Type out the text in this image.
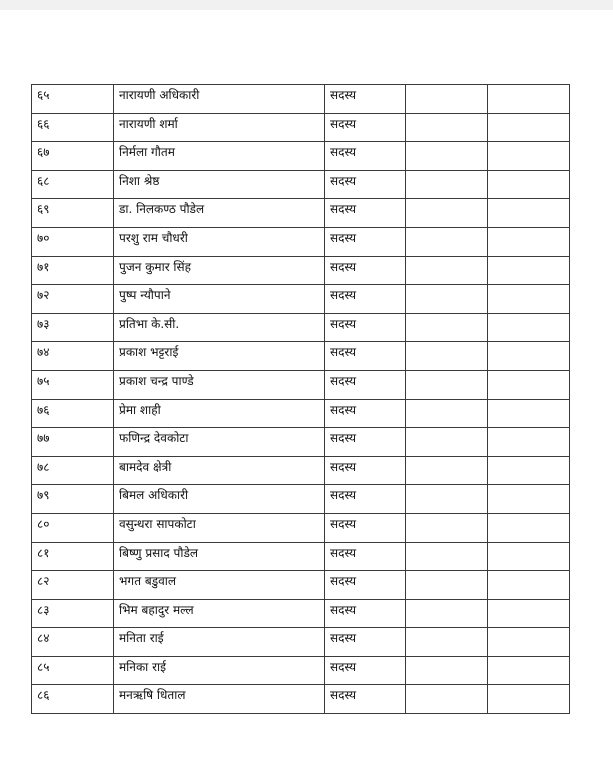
६५	नारायणी अधिकारी	सदस्य		
६६	नारायणी शर्मा	सदस्य		
६७	निर्मला गौतम	सदस्य		
६८	निशा श्रेष्ठ	सदस्य		
६९	डा. निलकण्ठ पौडेल	सदस्य		
७०	परशु राम चौधरी	सदस्य		
७१	पुजन कुमार सिंह	सदस्य		
७२	पुष्प न्यौपाने	सदस्य		
७३	प्रतिभा के.सी.	सदस्य		
७४	प्रकाश भट्टराई	सदस्य		
७५	प्रकाश चन्द्र पाण्डे	सदस्य		
७६	प्रेमा शाही	सदस्य		
७७	फणिन्द्र देवकोटा	सदस्य		
७८	बामदेव क्षेत्री	सदस्य		
७९	बिमल अधिकारी	सदस्य		
८०	वसुन्धरा सापकोटा	सदस्य		
८१	बिष्णु प्रसाद पौडेल	सदस्य		
८२	भगत बडुवाल	सदस्य		
८३	भिम बहादुर मल्ल	सदस्य		
८४	मनिता राई	सदस्य		
८५	मनिका राई	सदस्य		
८६	मनऋषि धिताल	सदस्य		
